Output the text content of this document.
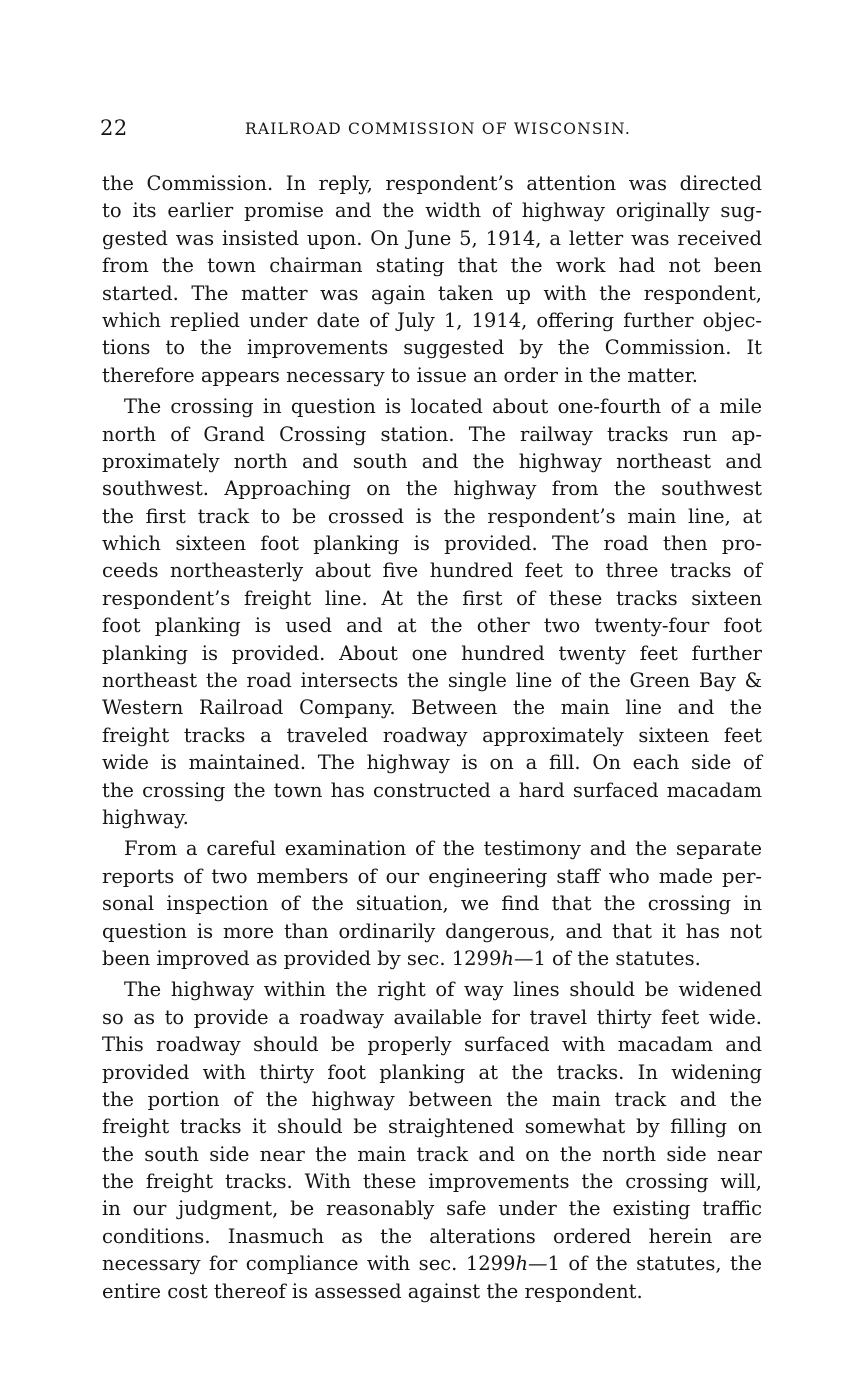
22	RAILROAD COMMISSION OF WISCONSIN.
the Commission. In reply, respondent’s attention was directed
to its earlier promise and the width of highway originally sug-
gested was insisted upon. On June 5, 1914, a letter was received
from the town chairman stating that the work had not been
started. The matter was again taken up with the respondent,
which replied under date of July 1, 1914, offering further objec-
tions to the improvements suggested by the Commission. It
therefore appears necessary to issue an order in the matter.
The crossing in question is located about one-fourth of a mile
north of Grand Crossing station. The railway tracks run ap-
proximately north and south and the highway northeast and
southwest. Approaching on the highway from the southwest
the first track to be crossed is the respondent’s main line, at
which sixteen foot planking is provided. The road then pro-
ceeds northeasterly about five hundred feet to three tracks of
respondent’s freight line. At the first of these tracks sixteen
foot planking is used and at the other two twenty-four foot
planking is provided. About one hundred twenty feet further
northeast the road intersects the single line of the Green Bay &
Western Railroad Company. Between the main line and the
freight tracks a traveled roadway approximately sixteen feet
wide is maintained. The highway is on a fill. On each side of
the crossing the town has constructed a hard surfaced macadam
highway.
From a careful examination of the testimony and the separate
reports of two members of our engineering staff who made per-
sonal inspection of the situation, we find that the crossing in
question is more than ordinarily dangerous, and that it has not
been improved as provided by sec. 1299h—1 of the statutes.
The highway within the right of way lines should be widened
so as to provide a roadway available for travel thirty feet wide.
This roadway should be properly surfaced with macadam and
provided with thirty foot planking at the tracks. In widening
the portion of the highway between the main track and the
freight tracks it should be straightened somewhat by filling on
the south side near the main track and on the north side near
the freight tracks. With these improvements the crossing will,
in our judgment, be reasonably safe under the existing traffic
conditions. Inasmuch as the alterations ordered herein are
necessary for compliance with sec. 1299h—1 of the statutes, the
entire cost thereof is assessed against the respondent.
